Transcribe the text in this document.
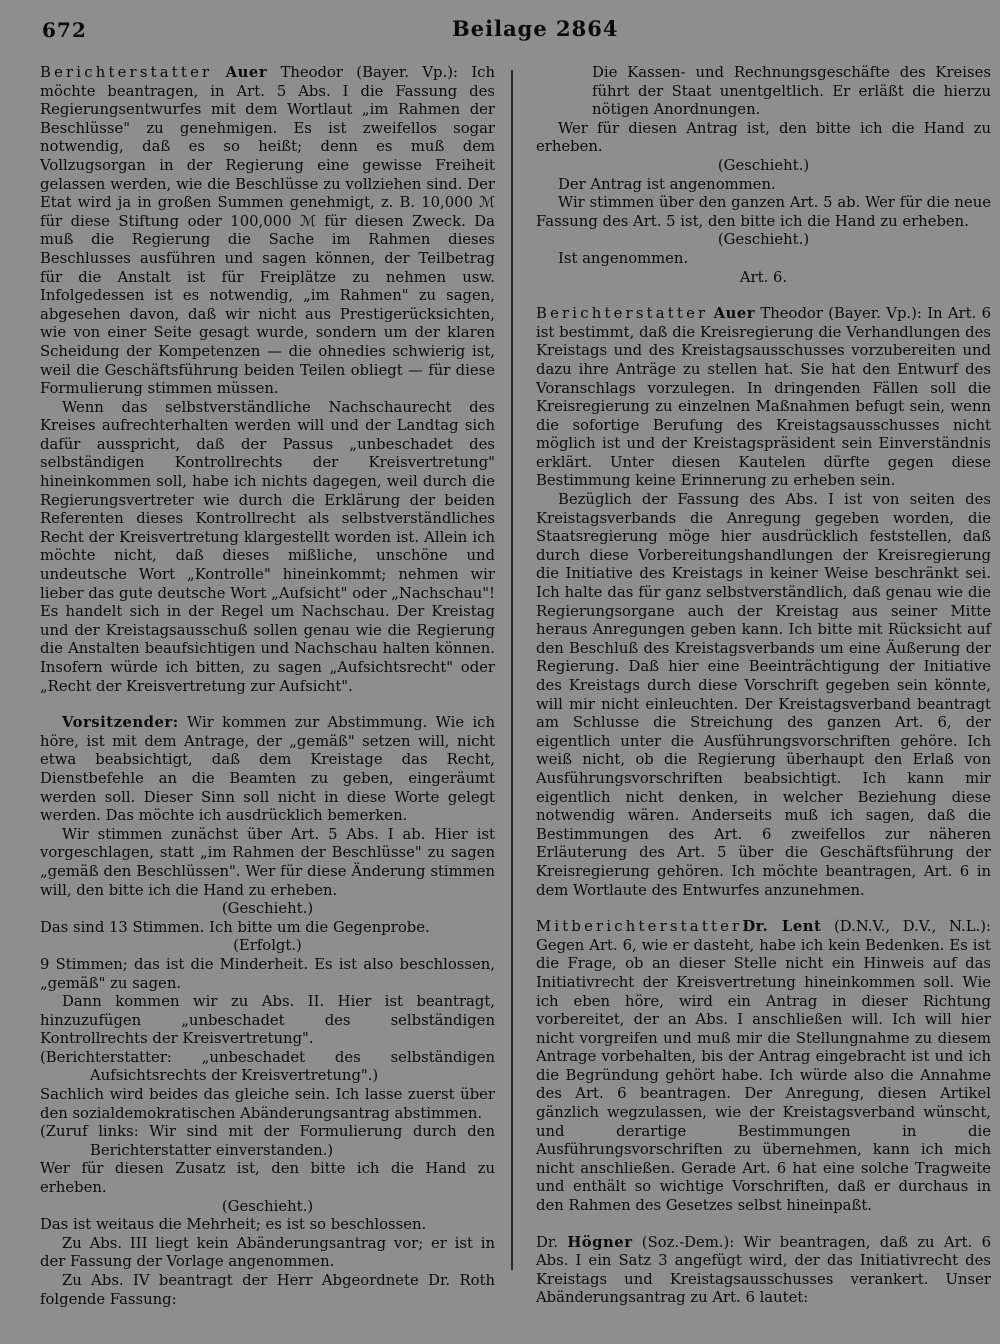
672	Beilage 2864

Berichterstatter Auer Theodor (Bayer. Vp.): Ich möchte beantragen, in Art. 5 Abs. I die Fassung des Regierungsentwurfes mit dem Wortlaut „im Rahmen der Beschlüsse" zu genehmigen. Es ist zweifellos sogar notwendig, daß es so heißt; denn es muß dem Vollzugsorgan in der Regierung eine gewisse Freiheit gelassen werden, wie die Beschlüsse zu vollziehen sind. Der Etat wird ja in großen Summen genehmigt, z. B. 10,000 ℳ für diese Stiftung oder 100,000 ℳ für diesen Zweck. Da muß die Regierung die Sache im Rahmen dieses Beschlusses ausführen und sagen können, der Teilbetrag für die Anstalt ist für Freiplätze zu nehmen usw. Infolgedessen ist es notwendig, „im Rahmen" zu sagen, abgesehen davon, daß wir nicht aus Prestigerücksichten, wie von einer Seite gesagt wurde, sondern um der klaren Scheidung der Kompetenzen — die ohnedies schwierig ist, weil die Geschäftsführung beiden Teilen obliegt — für diese Formulierung stimmen müssen.

Wenn das selbstverständliche Nachschaurecht des Kreises aufrechterhalten werden will und der Landtag sich dafür ausspricht, daß der Passus „unbeschadet des selbständigen Kontrollrechts der Kreisvertretung" hineinkommen soll, habe ich nichts dagegen, weil durch die Regierungsvertreter wie durch die Erklärung der beiden Referenten dieses Kontrollrecht als selbstverständliches Recht der Kreisvertretung klargestellt worden ist. Allein ich möchte nicht, daß dieses mißliche, unschöne und undeutsche Wort „Kontrolle" hineinkommt; nehmen wir lieber das gute deutsche Wort „Aufsicht" oder „Nachschau"! Es handelt sich in der Regel um Nachschau. Der Kreistag und der Kreistagsausschuß sollen genau wie die Regierung die Anstalten beaufsichtigen und Nachschau halten können. Insofern würde ich bitten, zu sagen „Aufsichtsrecht" oder „Recht der Kreisvertretung zur Aufsicht".

Vorsitzender: Wir kommen zur Abstimmung. Wie ich höre, ist mit dem Antrage, der „gemäß" setzen will, nicht etwa beabsichtigt, daß dem Kreistage das Recht, Dienstbefehle an die Beamten zu geben, eingeräumt werden soll. Dieser Sinn soll nicht in diese Worte gelegt werden. Das möchte ich ausdrücklich bemerken.

Wir stimmen zunächst über Art. 5 Abs. I ab. Hier ist vorgeschlagen, statt „im Rahmen der Beschlüsse" zu sagen „gemäß den Beschlüssen". Wer für diese Änderung stimmen will, den bitte ich die Hand zu erheben.

(Geschieht.)

Das sind 13 Stimmen. Ich bitte um die Gegenprobe.

(Erfolgt.)

9 Stimmen; das ist die Minderheit. Es ist also beschlossen, „gemäß" zu sagen.

Dann kommen wir zu Abs. II. Hier ist beantragt, hinzuzufügen „unbeschadet des selbständigen Kontrollrechts der Kreisvertretung".

(Berichterstatter: „unbeschadet des selbständigen Aufsichtsrechts der Kreisvertretung".)

Sachlich wird beides das gleiche sein. Ich lasse zuerst über den sozialdemokratischen Abänderungsantrag abstimmen.

(Zuruf links: Wir sind mit der Formulierung durch den Berichterstatter einverstanden.)

Wer für diesen Zusatz ist, den bitte ich die Hand zu erheben.

(Geschieht.)

Das ist weitaus die Mehrheit; es ist so beschlossen.

Zu Abs. III liegt kein Abänderungsantrag vor; er ist in der Fassung der Vorlage angenommen.

Zu Abs. IV beantragt der Herr Abgeordnete Dr. Roth folgende Fassung:

Die Kassen- und Rechnungsgeschäfte des Kreises führt der Staat unentgeltlich. Er erläßt die hierzu nötigen Anordnungen.

Wer für diesen Antrag ist, den bitte ich die Hand zu erheben.

(Geschieht.)

Der Antrag ist angenommen.

Wir stimmen über den ganzen Art. 5 ab. Wer für die neue Fassung des Art. 5 ist, den bitte ich die Hand zu erheben.

(Geschieht.)

Ist angenommen.

Art. 6.

Berichterstatter Auer Theodor (Bayer. Vp.): In Art. 6 ist bestimmt, daß die Kreisregierung die Verhandlungen des Kreistags und des Kreistagsausschusses vorzubereiten und dazu ihre Anträge zu stellen hat. Sie hat den Entwurf des Voranschlags vorzulegen. In dringenden Fällen soll die Kreisregierung zu einzelnen Maßnahmen befugt sein, wenn die sofortige Berufung des Kreistagsausschusses nicht möglich ist und der Kreistagspräsident sein Einverständnis erklärt. Unter diesen Kautelen dürfte gegen diese Bestimmung keine Erinnerung zu erheben sein.

Bezüglich der Fassung des Abs. I ist von seiten des Kreistagsverbands die Anregung gegeben worden, die Staatsregierung möge hier ausdrücklich feststellen, daß durch diese Vorbereitungshandlungen der Kreisregierung die Initiative des Kreistags in keiner Weise beschränkt sei. Ich halte das für ganz selbstverständlich, daß genau wie die Regierungsorgane auch der Kreistag aus seiner Mitte heraus Anregungen geben kann. Ich bitte mit Rücksicht auf den Beschluß des Kreistagsverbands um eine Äußerung der Regierung. Daß hier eine Beeinträchtigung der Initiative des Kreistags durch diese Vorschrift gegeben sein könnte, will mir nicht einleuchten. Der Kreistagsverband beantragt am Schlusse die Streichung des ganzen Art. 6, der eigentlich unter die Ausführungsvorschriften gehöre. Ich weiß nicht, ob die Regierung überhaupt den Erlaß von Ausführungsvorschriften beabsichtigt. Ich kann mir eigentlich nicht denken, in welcher Beziehung diese notwendig wären. Anderseits muß ich sagen, daß die Bestimmungen des Art. 6 zweifellos zur näheren Erläuterung des Art. 5 über die Geschäftsführung der Kreisregierung gehören. Ich möchte beantragen, Art. 6 in dem Wortlaute des Entwurfes anzunehmen.

MitberichterstatterDr. Lent (D.N.V., D.V., N.L.): Gegen Art. 6, wie er dasteht, habe ich kein Bedenken. Es ist die Frage, ob an dieser Stelle nicht ein Hinweis auf das Initiativrecht der Kreisvertretung hineinkommen soll. Wie ich eben höre, wird ein Antrag in dieser Richtung vorbereitet, der an Abs. I anschließen will. Ich will hier nicht vorgreifen und muß mir die Stellungnahme zu diesem Antrage vorbehalten, bis der Antrag eingebracht ist und ich die Begründung gehört habe. Ich würde also die Annahme des Art. 6 beantragen. Der Anregung, diesen Artikel gänzlich wegzulassen, wie der Kreistagsverband wünscht, und derartige Bestimmungen in die Ausführungsvorschriften zu übernehmen, kann ich mich nicht anschließen. Gerade Art. 6 hat eine solche Tragweite und enthält so wichtige Vorschriften, daß er durchaus in den Rahmen des Gesetzes selbst hineinpaßt.

Dr. Högner (Soz.-Dem.): Wir beantragen, daß zu Art. 6 Abs. I ein Satz 3 angefügt wird, der das Initiativrecht des Kreistags und Kreistagsausschusses verankert. Unser Abänderungsantrag zu Art. 6 lautet:
